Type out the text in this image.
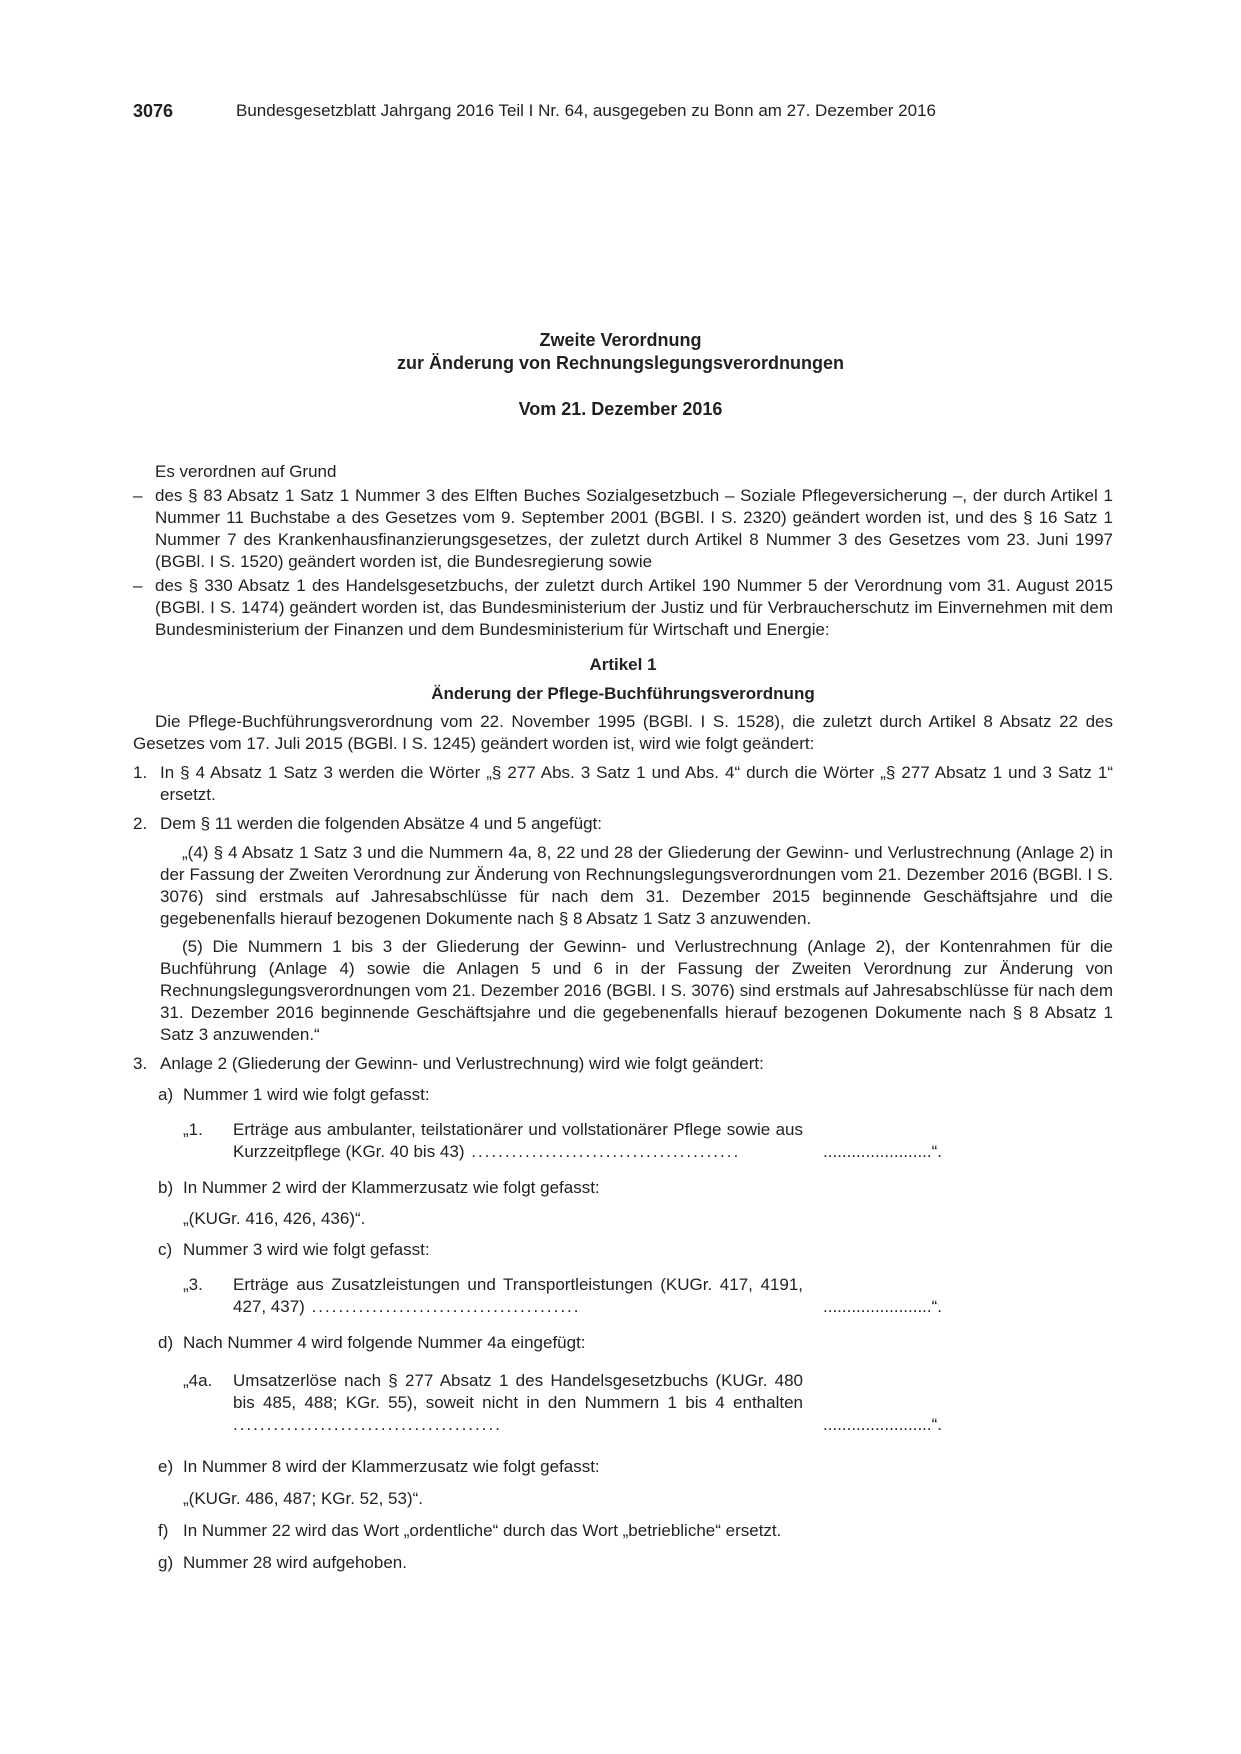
3076	Bundesgesetzblatt Jahrgang 2016 Teil I Nr. 64, ausgegeben zu Bonn am 27. Dezember 2016
Zweite Verordnung
zur Änderung von Rechnungslegungsverordnungen
Vom 21. Dezember 2016

Es verordnen auf Grund

– des § 83 Absatz 1 Satz 1 Nummer 3 des Elften Buches Sozialgesetzbuch – Soziale Pflegeversicherung –, der durch Artikel 1 Nummer 11 Buchstabe a des Gesetzes vom 9. September 2001 (BGBl. I S. 2320) geändert worden ist, und des § 16 Satz 1 Nummer 7 des Krankenhausfinanzierungsgesetzes, der zuletzt durch Artikel 8 Nummer 3 des Gesetzes vom 23. Juni 1997 (BGBl. I S. 1520) geändert worden ist, die Bundesregierung sowie

– des § 330 Absatz 1 des Handelsgesetzbuchs, der zuletzt durch Artikel 190 Nummer 5 der Verordnung vom 31. August 2015 (BGBl. I S. 1474) geändert worden ist, das Bundesministerium der Justiz und für Verbraucherschutz im Einvernehmen mit dem Bundesministerium der Finanzen und dem Bundesministerium für Wirtschaft und Energie:

Artikel 1
Änderung der Pflege-Buchführungsverordnung

Die Pflege-Buchführungsverordnung vom 22. November 1995 (BGBl. I S. 1528), die zuletzt durch Artikel 8 Absatz 22 des Gesetzes vom 17. Juli 2015 (BGBl. I S. 1245) geändert worden ist, wird wie folgt geändert:

1. In § 4 Absatz 1 Satz 3 werden die Wörter „§ 277 Abs. 3 Satz 1 und Abs. 4“ durch die Wörter „§ 277 Absatz 1 und 3 Satz 1“ ersetzt.

2. Dem § 11 werden die folgenden Absätze 4 und 5 angefügt:

„(4) § 4 Absatz 1 Satz 3 und die Nummern 4a, 8, 22 und 28 der Gliederung der Gewinn- und Verlustrechnung (Anlage 2) in der Fassung der Zweiten Verordnung zur Änderung von Rechnungslegungsverordnungen vom 21. Dezember 2016 (BGBl. I S. 3076) sind erstmals auf Jahresabschlüsse für nach dem 31. Dezember 2015 beginnende Geschäftsjahre und die gegebenenfalls hierauf bezogenen Dokumente nach § 8 Absatz 1 Satz 3 anzuwenden.

(5) Die Nummern 1 bis 3 der Gliederung der Gewinn- und Verlustrechnung (Anlage 2), der Kontenrahmen für die Buchführung (Anlage 4) sowie die Anlagen 5 und 6 in der Fassung der Zweiten Verordnung zur Änderung von Rechnungslegungsverordnungen vom 21. Dezember 2016 (BGBl. I S. 3076) sind erstmals auf Jahresabschlüsse für nach dem 31. Dezember 2016 beginnende Geschäftsjahre und die gegebenenfalls hierauf bezogenen Dokumente nach § 8 Absatz 1 Satz 3 anzuwenden.“

3. Anlage 2 (Gliederung der Gewinn- und Verlustrechnung) wird wie folgt geändert:

a) Nummer 1 wird wie folgt gefasst:

„1. Erträge aus ambulanter, teilstationärer und vollstationärer Pflege sowie aus Kurzzeitpflege (KGr. 40 bis 43) ........................................	.......................“.
b) In Nummer 2 wird der Klammerzusatz wie folgt gefasst:

„(KUGr. 416, 426, 436)“.

c) Nummer 3 wird wie folgt gefasst:

„3. Erträge aus Zusatzleistungen und Transportleistungen (KUGr. 417, 4191, 427, 437) ........................................	.......................“.
d) Nach Nummer 4 wird folgende Nummer 4a eingefügt:

„4a. Umsatzerlöse nach § 277 Absatz 1 des Handelsgesetzbuchs (KUGr. 480 bis 485, 488; KGr. 55), soweit nicht in den Nummern 1 bis 4 enthalten ........................................	.......................“.
e) In Nummer 8 wird der Klammerzusatz wie folgt gefasst:

„(KUGr. 486, 487; KGr. 52, 53)“.

f) In Nummer 22 wird das Wort „ordentliche“ durch das Wort „betriebliche“ ersetzt.

g) Nummer 28 wird aufgehoben.
